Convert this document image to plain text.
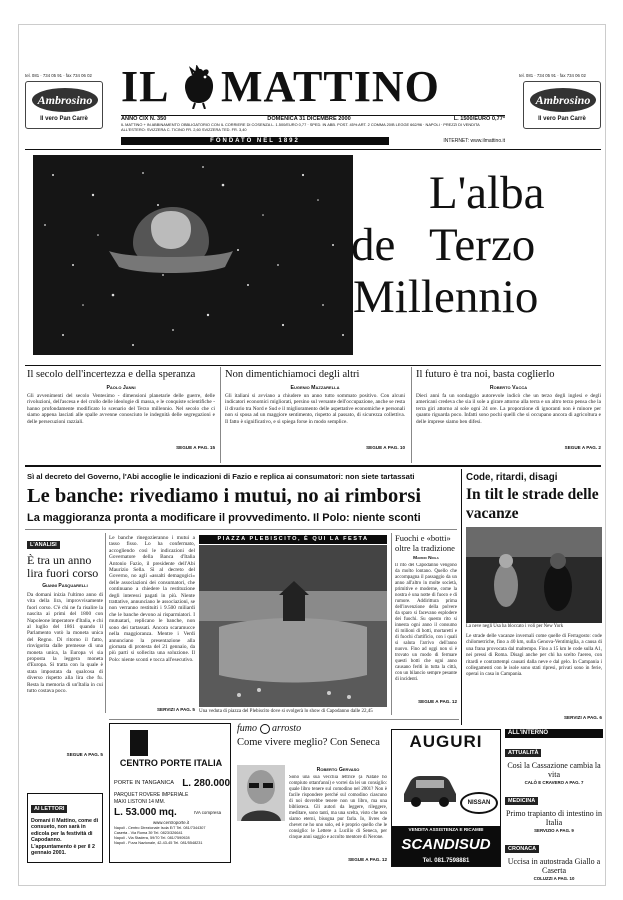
tel. 081 · 734 05 91 · fax 734 06 02
Ambrosino
Il vero Pan Carrè
tel. 081 · 734 05 91 · fax 734 06 02
Ambrosino
Il vero Pan Carrè
IL MATTINO
ANNO CIX N. 350	DOMENICA 31 DICEMBRE 2000	L. 1500/EURO 0,77*
IL MATTINO + IN ABBINAMENTO OBBLIGATORIO CON IL CORRIERE DI COSENZA L. 1.500/EURO 0,77 · SPED. IN ABB. POST. 45% ART. 2 COMMA 20/B LEGGE 662/96 · NAPOLI · PREZZI DI VENDITA ALL'ESTERO: SVIZZERA C. TICINO FR. 2,60 SVIZZERA TED. FR. 3,40
FONDATO NEL 1892	INTERNET: www.ilmattino.it
L'alba
de Terzo
Millennio
Il secolo dell'incertezza e della speranza
Paolo Janni
Gli avvenimenti del secolo Ventesimo - dimensioni planetarie delle guerre, delle rivoluzioni, dell'ascesa e del crollo delle ideologie di massa, e le conquiste scientifiche - hanno profondamente modificato lo scenario del Terzo millennio. Nel secolo che ci siamo appena lasciati alle spalle avvenne conosciuto le indegnità delle segregazioni e delle persecuzioni razziali.
SEGUE A PAG. 15
Non dimentichiamoci degli altri
Eugenio Mazzarella
Gli italiani si avviano a chiudere un anno tutto sommato positivo. Con alcuni indicatori economici migliorati, persino sul versante dell'occupazione, anche se resta il divario tra Nord e Sud e il miglioramento delle aspettative economiche e personali non si sposa ad un maggiore sentimento, rispetto al passato, di sicurezza collettiva. Il fatto è significativo, e si spiega forse in modo semplice.
SEGUE A PAG. 10
Il futuro è tra noi, basta coglierlo
Roberto Vacca
Dieci anni fa un sondaggio autorevole indicò che un terzo degli inglesi e degli americani credeva che sia il sole a girare attorno alla terra e un altro terzo pensa che la terra giri attorno al sole ogni 24 ore. La proporzione di ignoranti non è minore per quanto riguarda poco. Infatti sono pochi quelli che si occupano ancora di agricoltura e delle imprese siamo ben difesi.
SEGUE A PAG. 2
Sì al decreto del Governo, l'Abi accoglie le indicazioni di Fazio e replica ai consumatori: non siete tartassati
Le banche: rivediamo i mutui, no ai rimborsi
La maggioranza pronta a modificare il provvedimento. Il Polo: niente sconti
L'ANALISI
È tra un anno lira fuori corso
Gianni Pasquarelli
Da domani inizia l'ultimo anno di vita della lira, improvvisamente fuori corso. C'è chi ne fa risalire la nascita ai primi del 1800 con Napoleone imperatore d'Italia, e chi al luglio del 1861 quando il Parlamento votò la moneta unica del Regno. Di ritorno il fatto, rinvigorita dalle premesse di una moneta unica, la Europa vi sia proposta la leggera moneta d'Europa. Si tratta con la quale è stata impostata da qualcosa di diverso rispetto alla lira che fu. Resta la memoria di un'Italia in cui tutto costava poco.
SEGUE A PAG. 5
Le banche rinegozieranno i mutui a tasso fisso. Lo ha confermato, accogliendo così le indicazioni del Governatore della Banca d'Italia Antonio Fazio, il presidente dell'Abi Maurizio Sella. Sì al decreto del Governo, no agli «assalti demagogici» delle associazioni dei consumatori, che continuano a chiedere la restituzione degli interessi pagati in più. Niente trattative, annunciano le associazioni, se non verranno restituiti i 9.500 miliardi che le banche devono ai risparmiatori. I mutuatari, replicano le banche, non sono dei tartassati. Ancora scaramucce nella maggioranza. Mentre i Verdi annunciano la presentazione alla giornata di protesta del 21 gennaio, da più parti si sollecita una soluzione. Il Polo: niente sconti e tocca all'esecutivo.
SERVIZI A PAG. 5
PIAZZA PLEBISCITO, È QUI LA FESTA
Una veduta di piazza del Plebiscito dove si svolgerà lo show di Capodanno dalle 22,45
Fuochi e «botti» oltre la tradizione
Marino Niola
Il rito del Capodanno vengono da molto lontano. Quello che accompagna il passaggio da un anno all'altro in molte società, primitive e moderne, come la nostra è una notte di fuoco e di rumore. Addirittura prima dell'invenzione della polvere da sparo si facevano esplodere dei fuochi. Su questo rito si innesta ogni anno il consumo di milioni di botti, mortaretti e di fuochi d'artificio, con i quali si saluta l'arrivo dell'anno nuovo. Fino ad oggi non si è trovato un modo di fermare questi botti che ogni anno causano feriti in tutta la città, con un bilancio sempre pesante di incidenti.
SEGUE A PAG. 12
Code, ritardi, disagi
In tilt le strade delle vacanze
La neve negli Usa ha bloccato i voli per New York
Le strade delle vacanze invernali come quelle di Ferragosto: code chilometriche, fino a 40 km, sulla Genova-Ventimiglia, a causa di una frana provocata dal maltempo. Fino a 15 km le code sulla A1, nei pressi di Roma. Disagi anche per chi ha scelto l'aereo, con ritardi e contrattempi causati dalla neve e dal gelo. In Campania i collegamenti con le isole sono stati ripresi, privati sono in ferie, operai in casa in Campania.
SERVIZI A PAG. 6
AI LETTORI
Domani il Mattino, come di consueto, non sarà in edicola per la festività di Capodanno. L'appuntamento è per il 2 gennaio 2001.
CENTRO PORTE ITALIA
PORTE IN TANGANICA L. 280.000
PARQUET ROVERE IMPERIALE
MAXI LISTONI 14 MM.
L. 53.000 mq.	IVA compresa
www.centroporte.it
Napoli - Centro Direzionale Isola E/7 Tel. 081/7344307
Caserta - Via Roma 39 Tel. 0823/326641
Napoli - Via Stadera, 59/70 Tel. 081/7590928
Napoli - P.zza Nazionale, 42-43-45 Tel. 081/5548231
fumo arrosto
Come vivere meglio? Con Seneca
Roberto Gervaso
Sono una sua vecchia lettrice (a Natale ho compiuto ottant'anni) e vorrei da lei un consiglio: quale libro tenere sul comodino nel 2001? Non è facile rispondere perché sul comodino ciascuno di noi dovrebbe tenere non un libro, ma una biblioteca. Gli autori da leggere, rileggere, meditare, sono tanti, ma una scelta, visto che non siamo eterni, bisogna pur farla. Io, livres de chevet ne ho uno solo, ed è proprio quello che le consiglio: le Lettere a Lucilio di Seneca, per cinque anni saggio e accolto mentore di Nerone.
SEGUE A PAG. 12
AUGURI
NISSAN
VENDITA ASSISTENZA E RICAMBI
SCANDISUD
Tel. 081.7598881
ALL'INTERNO
ATTUALITÀ
Così la Cassazione cambia la vita
CALÒ E CRAVERO A PAG. 7
MEDICINA
Primo trapianto di intestino in Italia
SERVIZIO A PAG. 9
CRONACA
Uccisa in autostrada Giallo a Caserta
COLUZZI A PAG. 10
